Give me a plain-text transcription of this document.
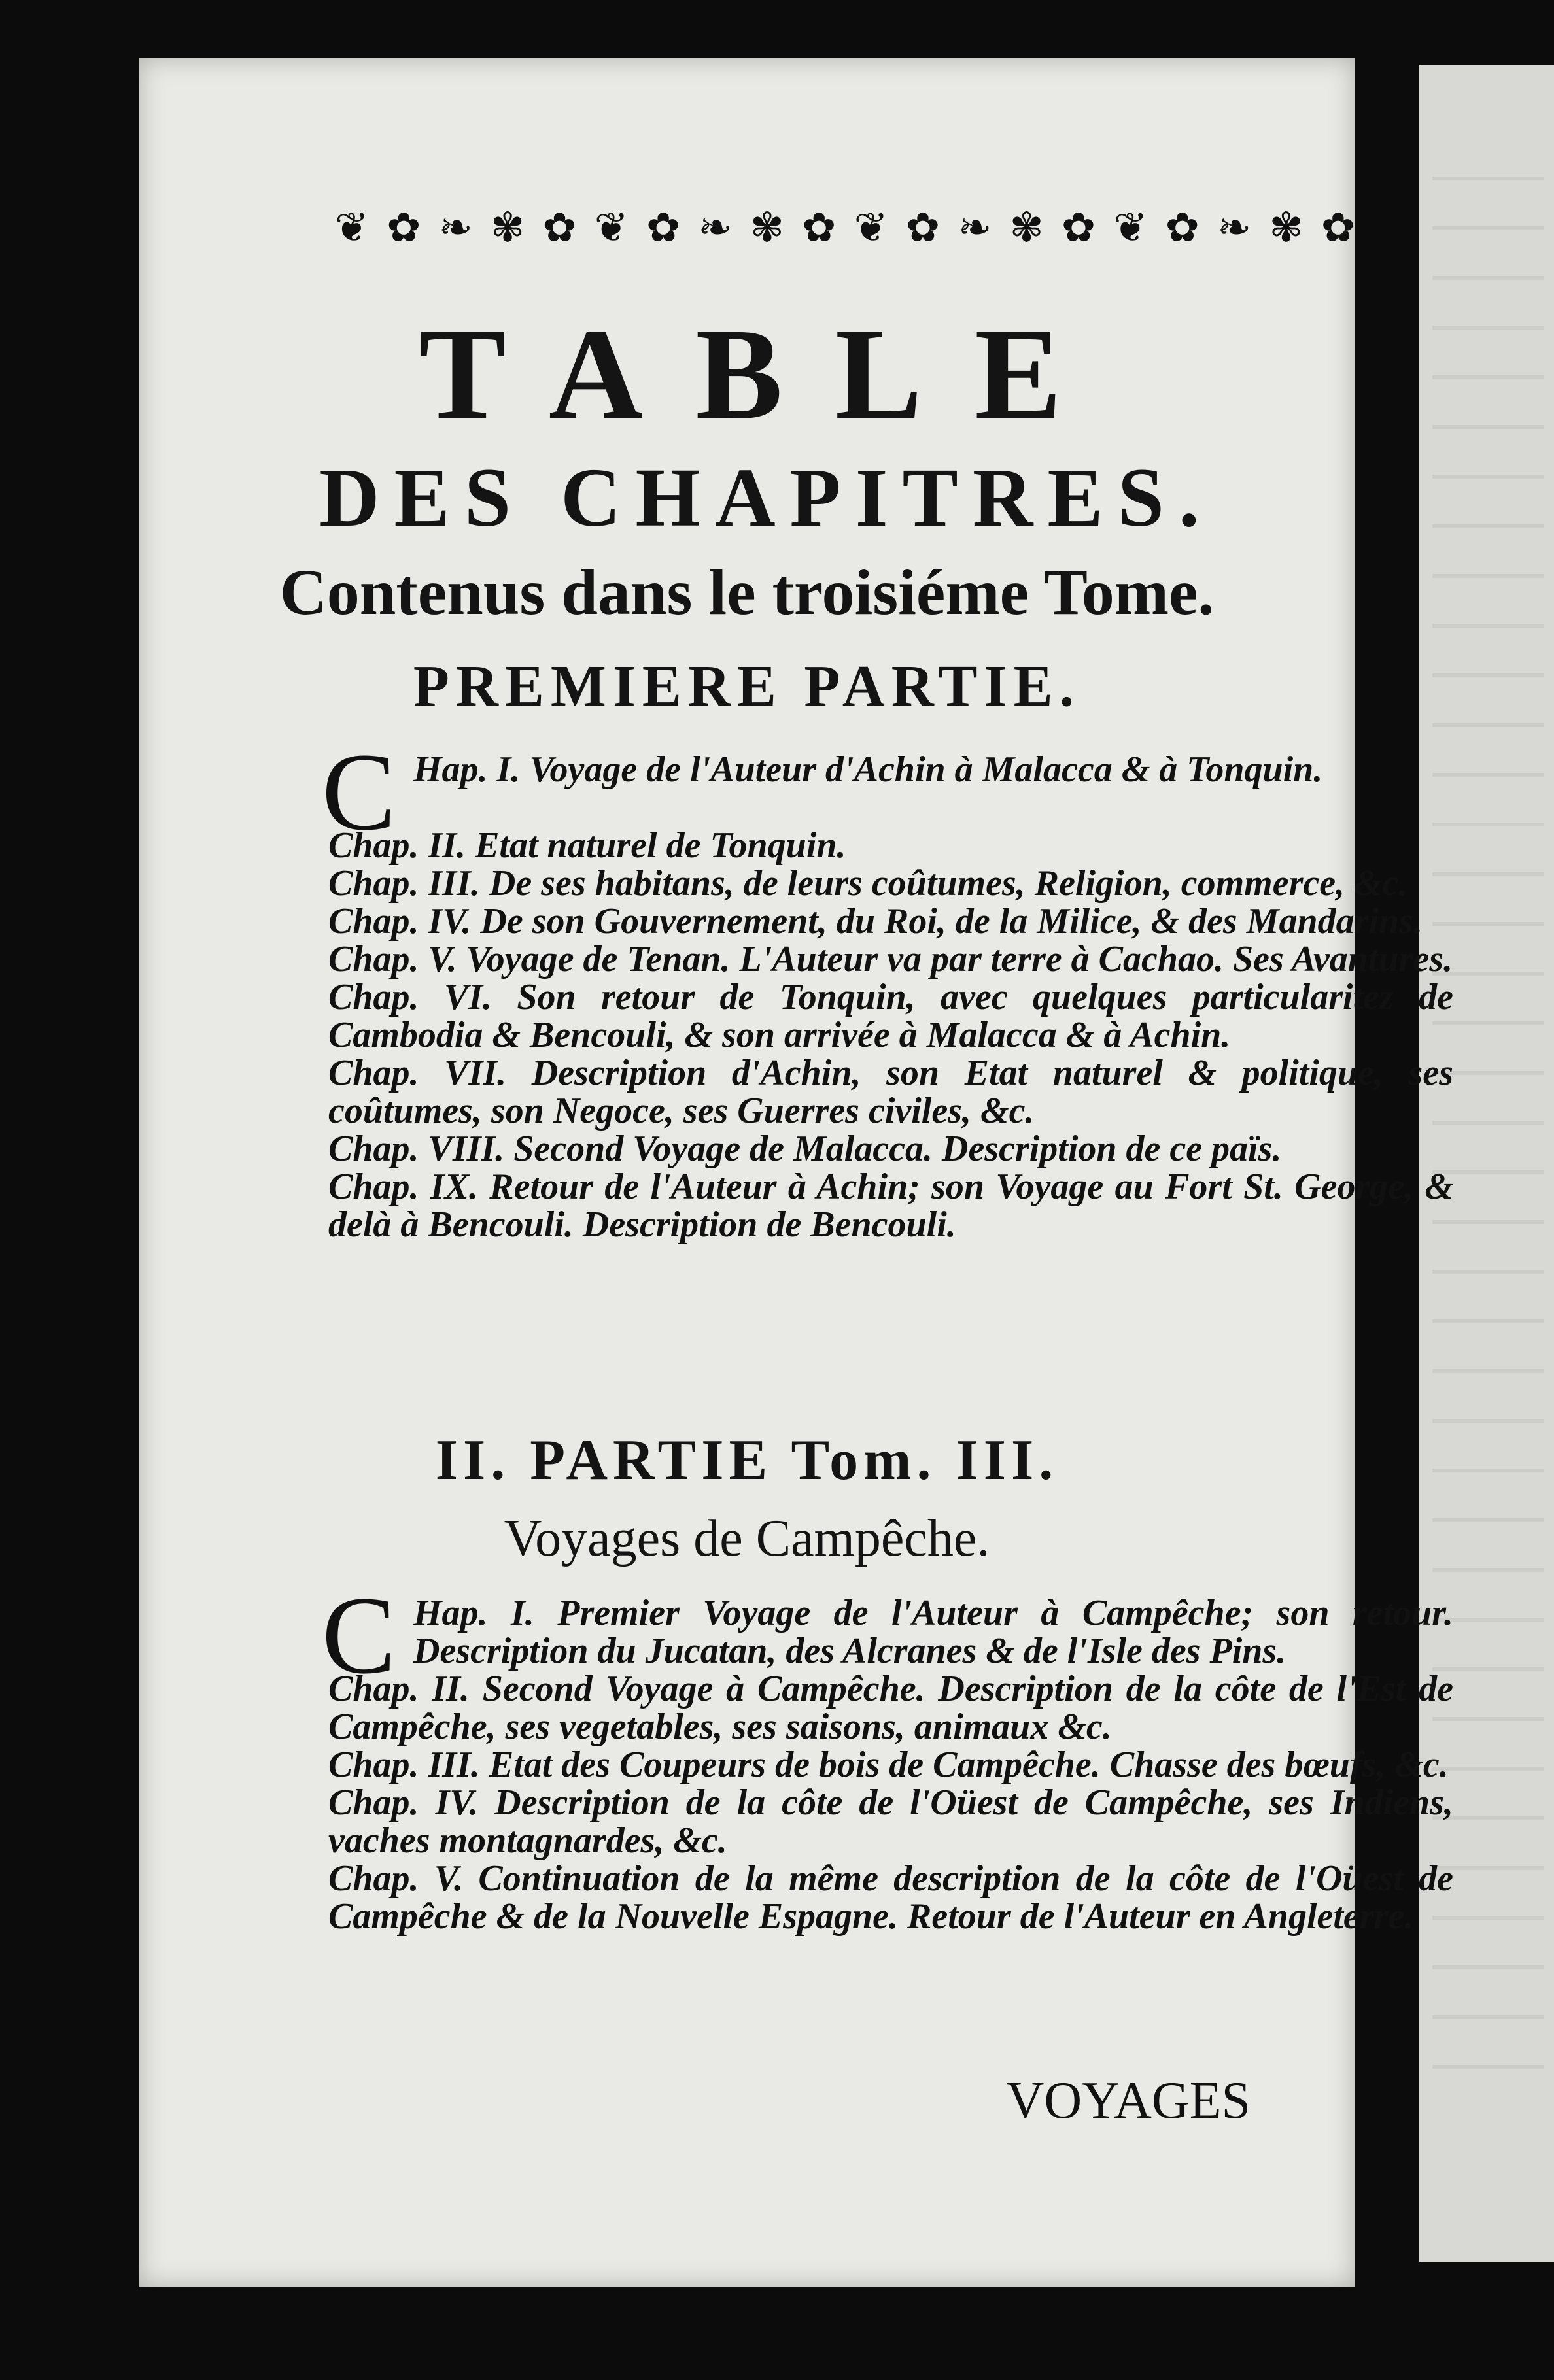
❦ ✿ ❧ ✾ ✿ ❦ ✿ ❧ ✾ ✿ ❦ ✿ ❧ ✾ ✿ ❦ ✿ ❧ ✾ ✿
TABLE
DES CHAPITRES.
Contenus dans le troisiéme Tome.
PREMIERE PARTIE.

C Hap. I. Voyage de l'Auteur d'Achin à Malacca & à Tonquin.

Chap. II. Etat naturel de Tonquin.

Chap. III. De ses habitans, de leurs coûtumes, Religion, commerce, &c.

Chap. IV. De son Gouvernement, du Roi, de la Milice, & des Mandarins.

Chap. V. Voyage de Tenan. L'Auteur va par terre à Cachao. Ses Avantures.

Chap. VI. Son retour de Tonquin, avec quelques particularitez de Cambodia & Bencouli, & son arrivée à Malacca & à Achin.

Chap. VII. Description d'Achin, son Etat naturel & politique, ses coûtumes, son Negoce, ses Guerres civiles, &c.

Chap. VIII. Second Voyage de Malacca. Description de ce païs.

Chap. IX. Retour de l'Auteur à Achin; son Voyage au Fort St. George, & delà à Bencouli. Description de Bencouli.

II. PARTIE Tom. III.
Voyages de Campêche.

C Hap. I. Premier Voyage de l'Auteur à Campêche; son retour. Description du Jucatan, des Alcranes & de l'Isle des Pins.

Chap. II. Second Voyage à Campêche. Description de la côte de l'Est de Campêche, ses vegetables, ses saisons, animaux &c.

Chap. III. Etat des Coupeurs de bois de Campêche. Chasse des bœufs, &c.

Chap. IV. Description de la côte de l'Oüest de Campêche, ses Indiens, vaches montagnardes, &c.

Chap. V. Continuation de la même description de la côte de l'Oüest de Campêche & de la Nouvelle Espagne. Retour de l'Auteur en Angleterre.

VOYAGES
